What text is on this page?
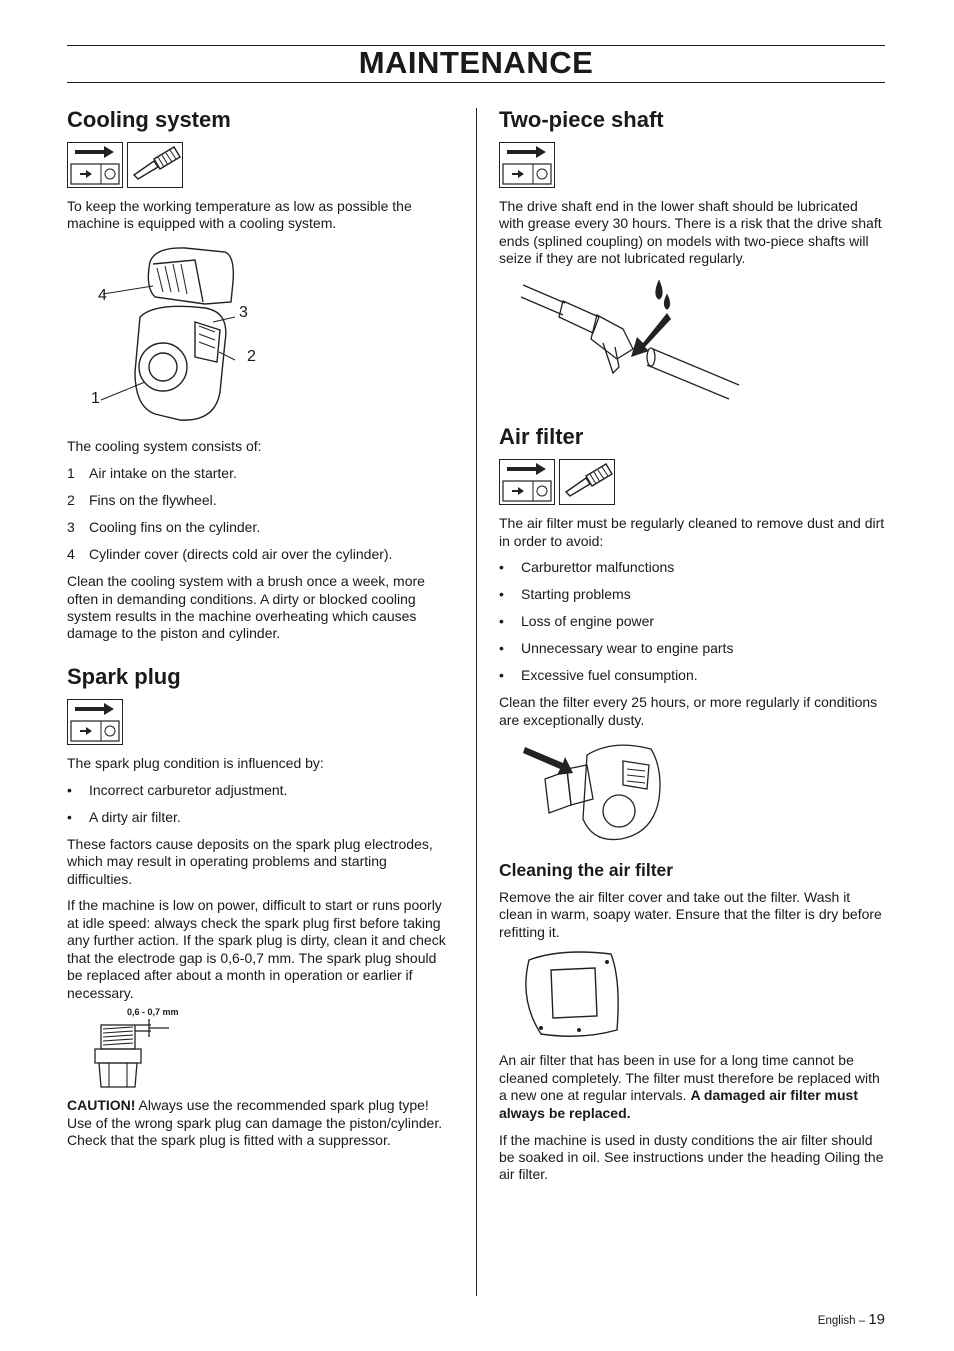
MAINTENANCE
Cooling system

To keep the working temperature as low as possible the machine is equipped with a cooling system.

4
3
2
1

The cooling system consists of:

1	Air intake on the starter.
2	Fins on the flywheel.
3	Cooling fins on the cylinder.
4	Cylinder cover (directs cold air over the cylinder).

Clean the cooling system with a brush once a week, more often in demanding conditions. A dirty or blocked cooling system results in the machine overheating which causes damage to the piston and cylinder.

Spark plug

The spark plug condition is influenced by:

•	Incorrect carburetor adjustment.
•	A dirty air filter.

These factors cause deposits on the spark plug electrodes, which may result in operating problems and starting difficulties.

If the machine is low on power, difficult to start or runs poorly at idle speed: always check the spark plug first before taking any further action. If the spark plug is dirty, clean it and check that the electrode gap is 0,6-0,7 mm. The spark plug should be replaced after about a month in operation or earlier if necessary.

0,6 - 0,7 mm

CAUTION! Always use the recommended spark plug type! Use of the wrong spark plug can damage the piston/cylinder. Check that the spark plug is fitted with a suppressor.

Two-piece shaft

The drive shaft end in the lower shaft should be lubricated with grease every 30 hours. There is a risk that the drive shaft ends (splined coupling) on models with two-piece shafts will seize if they are not lubricated regularly.

Air filter

The air filter must be regularly cleaned to remove dust and dirt in order to avoid:

•	Carburettor malfunctions
•	Starting problems
•	Loss of engine power
•	Unnecessary wear to engine parts
•	Excessive fuel consumption.

Clean the filter every 25 hours, or more regularly if conditions are exceptionally dusty.

Cleaning the air filter

Remove the air filter cover and take out the filter. Wash it clean in warm, soapy water. Ensure that the filter is dry before refitting it.

An air filter that has been in use for a long time cannot be cleaned completely. The filter must therefore be replaced with a new one at regular intervals. A damaged air filter must always be replaced.

If the machine is used in dusty conditions the air filter should be soaked in oil. See instructions under the heading Oiling the air filter.

English – 19
